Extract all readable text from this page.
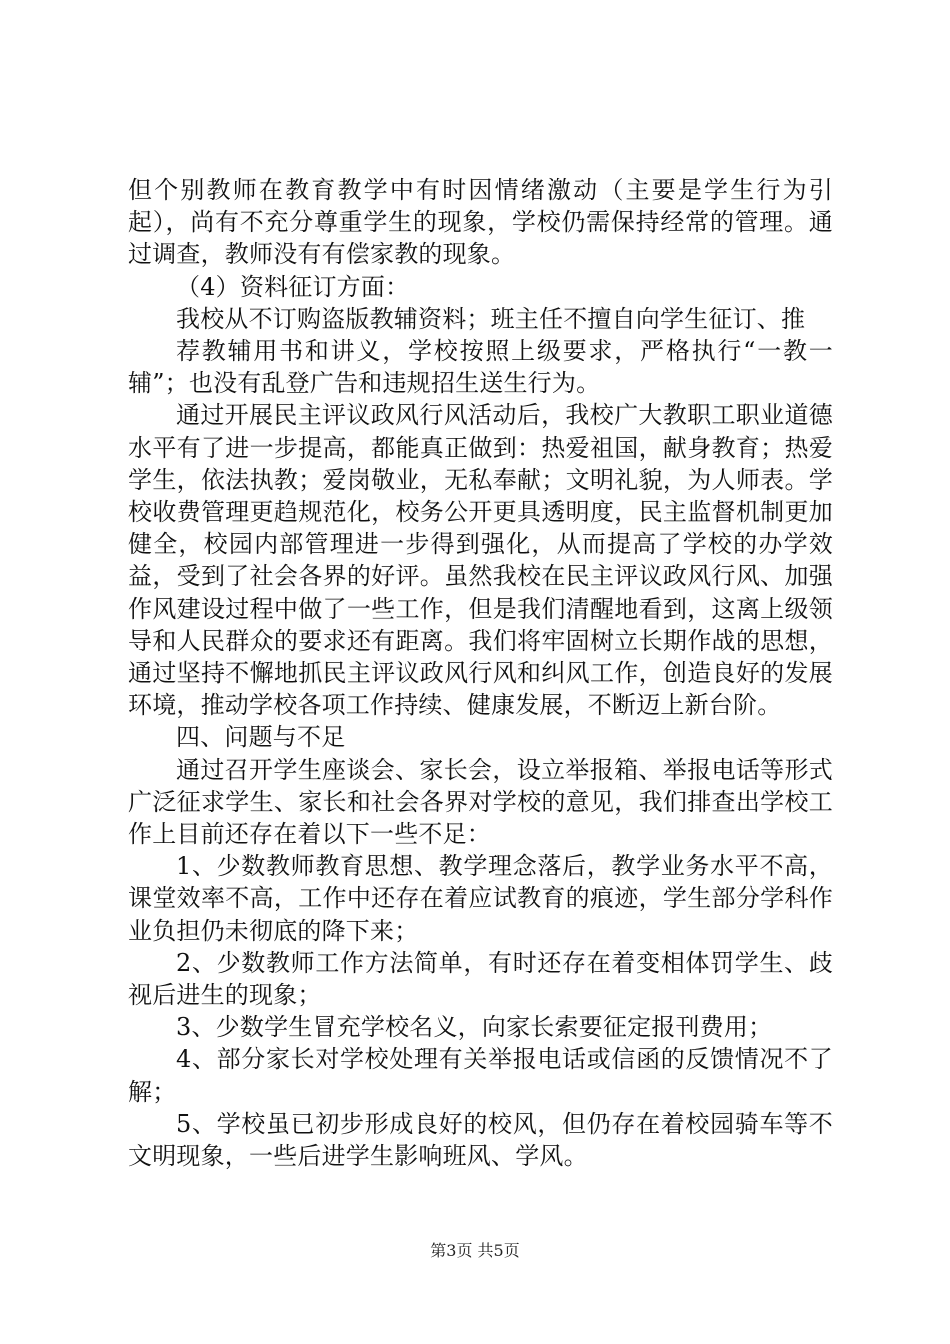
但个别教师在教育教学中有时因情绪激动（主要是学生行为引起），尚有不充分尊重学生的现象，学校仍需保持经常的管理。通过调查，教师没有有偿家教的现象。

（4）资料征订方面：

我校从不订购盗版教辅资料；班主任不擅自向学生征订、推

荐教辅用书和讲义，学校按照上级要求，严格执行“一教一辅”；也没有乱登广告和违规招生送生行为。

通过开展民主评议政风行风活动后，我校广大教职工职业道德水平有了进一步提高，都能真正做到：热爱祖国，献身教育；热爱学生，依法执教；爱岗敬业，无私奉献；文明礼貌，为人师表。学校收费管理更趋规范化，校务公开更具透明度，民主监督机制更加健全，校园内部管理进一步得到强化，从而提高了学校的办学效益，受到了社会各界的好评。虽然我校在民主评议政风行风、加强作风建设过程中做了一些工作，但是我们清醒地看到，这离上级领导和人民群众的要求还有距离。我们将牢固树立长期作战的思想，通过坚持不懈地抓民主评议政风行风和纠风工作，创造良好的发展环境，推动学校各项工作持续、健康发展，不断迈上新台阶。

四、问题与不足

通过召开学生座谈会、家长会，设立举报箱、举报电话等形式广泛征求学生、家长和社会各界对学校的意见，我们排查出学校工作上目前还存在着以下一些不足：

1、少数教师教育思想、教学理念落后，教学业务水平不高，课堂效率不高，工作中还存在着应试教育的痕迹，学生部分学科作业负担仍未彻底的降下来；

2、少数教师工作方法简单，有时还存在着变相体罚学生、歧视后进生的现象；

3、少数学生冒充学校名义，向家长索要征定报刊费用；

4、部分家长对学校处理有关举报电话或信函的反馈情况不了解；

5、学校虽已初步形成良好的校风，但仍存在着校园骑车等不文明现象，一些后进学生影响班风、学风。

第3页 共5页
